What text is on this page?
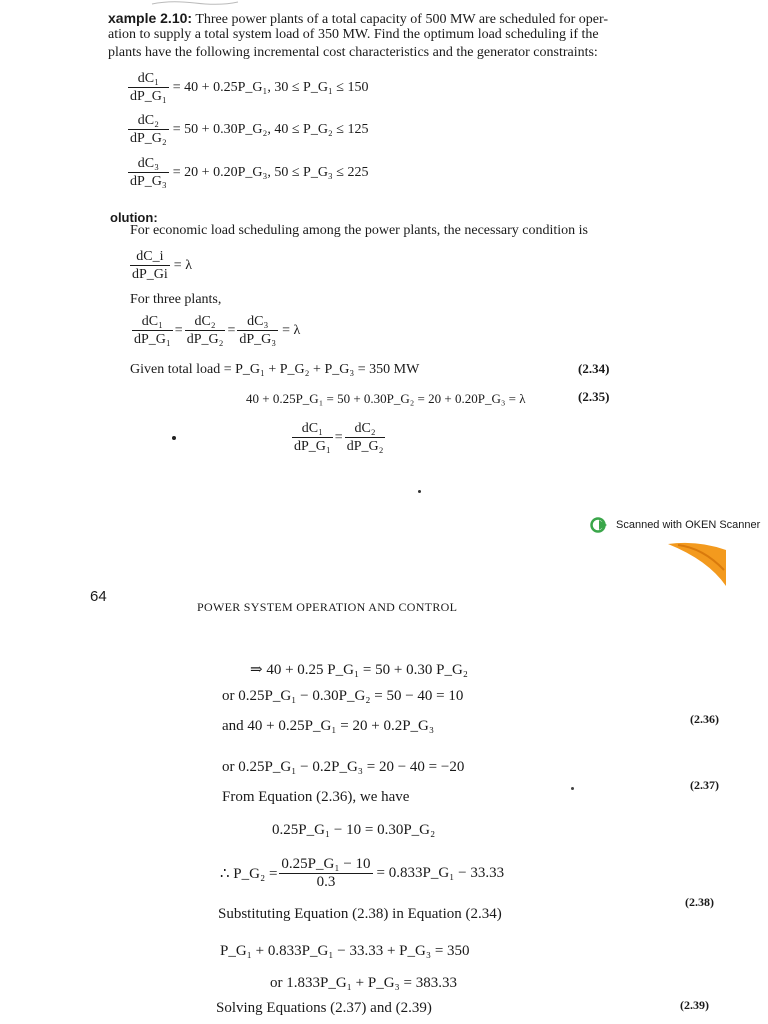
xample 2.10: Three power plants of a total capacity of 500 MW are scheduled for oper-
ation to supply a total system load of 350 MW. Find the optimum load scheduling if the
plants have the following incremental cost characteristics and the generator constraints:
$\frac{\text{dC₁}}{\text{dP\_G₁}} = 40$ + 0.25P_G₁, 30 ≤ P_G₁ ≤ 150
$\frac{\text{dC₂}}{\text{dP\_G₂}} = 50$ + 0.30P_G₂, 40 ≤ P_G₂ ≤ 125
$\frac{\text{dC₃}}{\text{dP\_G₃}} = 20$ + 0.20P_G₃, 50 ≤ P_G₃ ≤ 225
olution:
For economic load scheduling among the power plants, the necessary condition is
$\frac{dC\_i}{dP\_Gi} = \lambda$
For three plants,
$\frac{\text{dC₁}}{\text{dP\_G₁}} = \frac{\text{dC₂}}{\text{dP\_G₂}} = \frac{\text{dC₃}}{\text{dP\_G₃}} = \lambda$
Given total load = P_G₁ + P_G₂ + P_G₃ = 350 MW	(2.34)
40 + 0.25P_G₁ = 50 + 0.30P_G₂ = 20 + 0.20P_G₃ = λ	(2.35)
$\frac{\text{dC₁}}{\text{dP\_G₁}} = \frac{\text{dC₂}}{\text{dP\_G₂}}$
Scanned with OKEN Scanner
64
POWER SYSTEM OPERATION AND CONTROL
⇒ 40 + 0.25 P_G₁ = 50 + 0.30 P_G₂
or 0.25P_G₁ − 0.30P_G₂ = 50 − 40 = 10
and 40 + 0.25P_G₁ = 20 + 0.2P_G₃	(2.36)
or 0.25P_G₁ − 0.2P_G₃ = 20 − 40 = −20
(2.37)
From Equation (2.36), we have
0.25P_G₁ − 10 = 0.30P_G₂
∴ P_G₂ = $\frac{\text{0.25P\_G₁ − 10}}{0.3}$ = 0.833P_G₁ − 33.33
(2.38)
Substituting Equation (2.38) in Equation (2.34)
P_G₁ + 0.833P_G₁ − 33.33 + P_G₃ = 350
or 1.833P_G₁ + P_G₃ = 383.33
Solving Equations (2.37) and (2.39)	(2.39)
